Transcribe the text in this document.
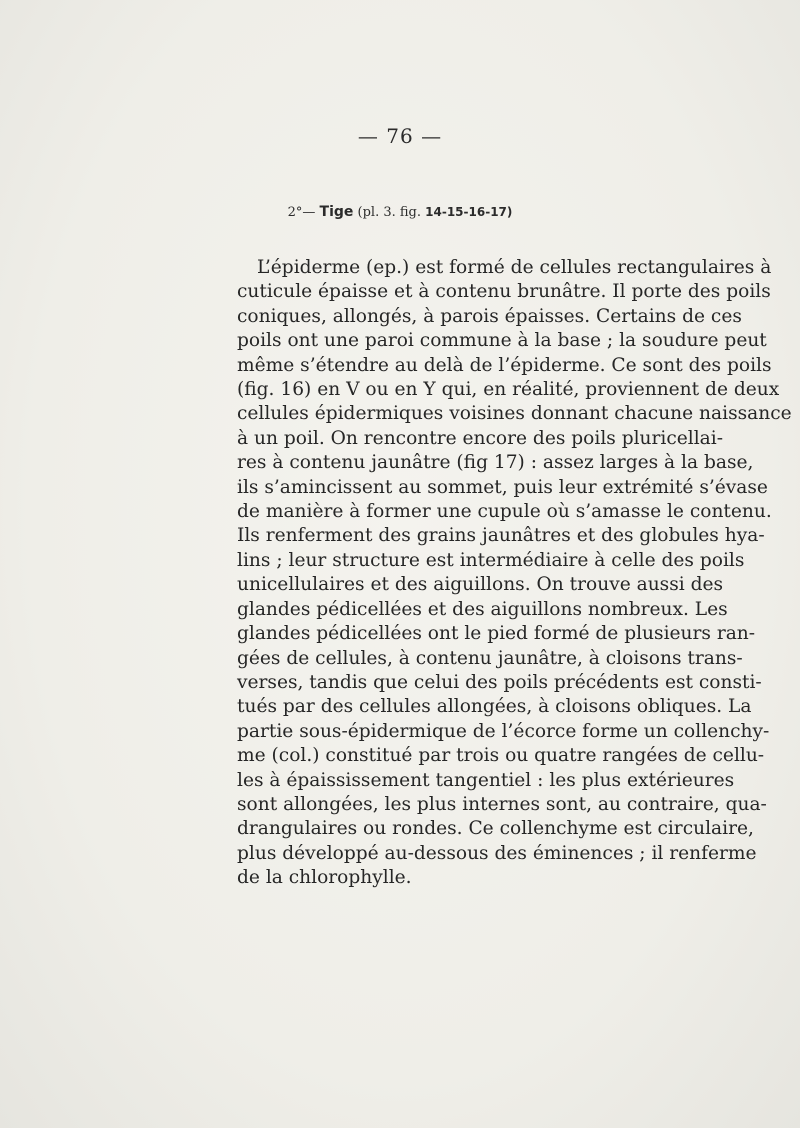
— 76 —
2°— Tige (pl. 3. fig. 14-15-16-17)
L’épiderme (ep.) est formé de cellules rectangulaires à
cuticule épaisse et à contenu brunâtre. Il porte des poils
coniques, allongés, à parois épaisses. Certains de ces
poils ont une paroi commune à la base ; la soudure peut
même s’étendre au delà de l’épiderme. Ce sont des poils
(fig. 16) en V ou en Y qui, en réalité, proviennent de deux
cellules épidermiques voisines donnant chacune naissance
à un poil. On rencontre encore des poils pluricellai-
res à contenu jaunâtre (fig 17) : assez larges à la base,
ils s’amincissent au sommet, puis leur extrémité s’évase
de manière à former une cupule où s’amasse le contenu.
Ils renferment des grains jaunâtres et des globules hya-
lins ; leur structure est intermédiaire à celle des poils
unicellulaires et des aiguillons. On trouve aussi des
glandes pédicellées et des aiguillons nombreux. Les
glandes pédicellées ont le pied formé de plusieurs ran-
gées de cellules, à contenu jaunâtre, à cloisons trans-
verses, tandis que celui des poils précédents est consti-
tués par des cellules allongées, à cloisons obliques. La
partie sous-épidermique de l’écorce forme un collenchy-
me (col.) constitué par trois ou quatre rangées de cellu-
les à épaississement tangentiel : les plus extérieures
sont allongées, les plus internes sont, au contraire, qua-
drangulaires ou rondes. Ce collenchyme est circulaire,
plus développé au-dessous des éminences ; il renferme
de la chlorophylle.
